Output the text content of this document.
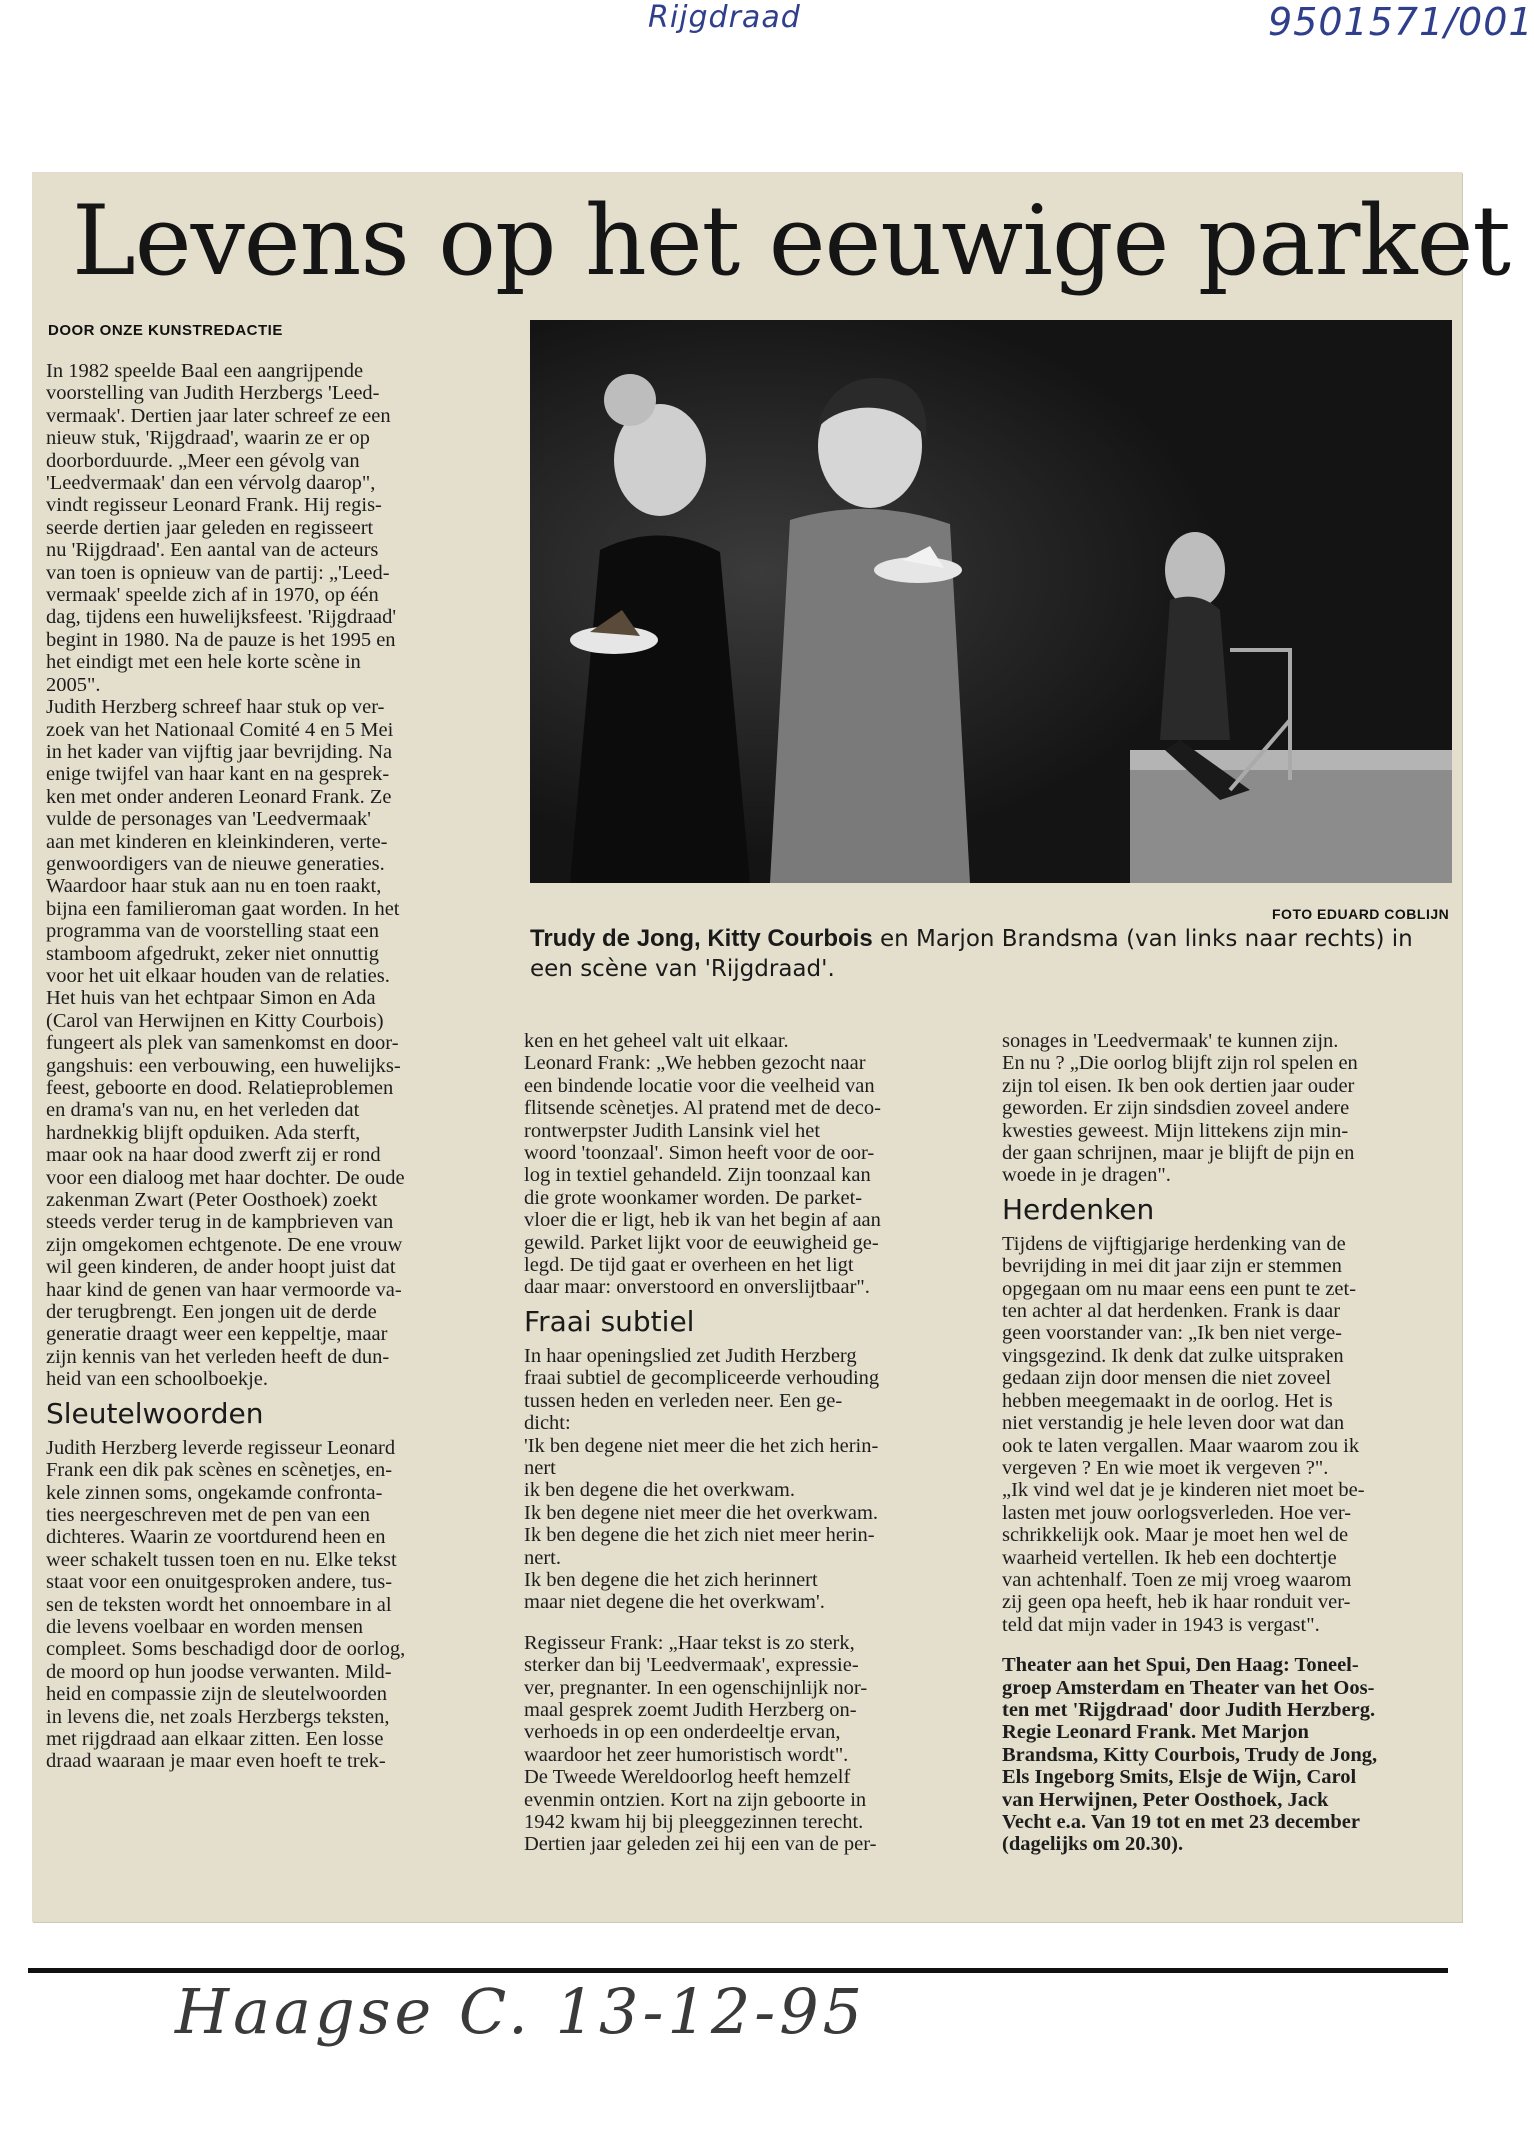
Rijgdraad	9501571/001
Levens op het eeuwige parket
DOOR ONZE KUNSTREDACTIE

In 1982 speelde Baal een aangrijpende

voorstelling van Judith Herzbergs 'Leed-

vermaak'. Dertien jaar later schreef ze een

nieuw stuk, 'Rijgdraad', waarin ze er op

doorborduurde. „Meer een gévolg van

'Leedvermaak' dan een vérvolg daarop",

vindt regisseur Leonard Frank. Hij regis-

seerde dertien jaar geleden en regisseert

nu 'Rijgdraad'. Een aantal van de acteurs

van toen is opnieuw van de partij: „'Leed-

vermaak' speelde zich af in 1970, op één

dag, tijdens een huwelijksfeest. 'Rijgdraad'

begint in 1980. Na de pauze is het 1995 en

het eindigt met een hele korte scène in

2005".

Judith Herzberg schreef haar stuk op ver-

zoek van het Nationaal Comité 4 en 5 Mei

in het kader van vijftig jaar bevrijding. Na

enige twijfel van haar kant en na gesprek-

ken met onder anderen Leonard Frank. Ze

vulde de personages van 'Leedvermaak'

aan met kinderen en kleinkinderen, verte-

genwoordigers van de nieuwe generaties.

Waardoor haar stuk aan nu en toen raakt,

bijna een familieroman gaat worden. In het

programma van de voorstelling staat een

stamboom afgedrukt, zeker niet onnuttig

voor het uit elkaar houden van de relaties.

Het huis van het echtpaar Simon en Ada

(Carol van Herwijnen en Kitty Courbois)

fungeert als plek van samenkomst en door-

gangshuis: een verbouwing, een huwelijks-

feest, geboorte en dood. Relatieproblemen

en drama's van nu, en het verleden dat

hardnekkig blijft opduiken. Ada sterft,

maar ook na haar dood zwerft zij er rond

voor een dialoog met haar dochter. De oude

zakenman Zwart (Peter Oosthoek) zoekt

steeds verder terug in de kampbrieven van

zijn omgekomen echtgenote. De ene vrouw

wil geen kinderen, de ander hoopt juist dat

haar kind de genen van haar vermoorde va-

der terugbrengt. Een jongen uit de derde

generatie draagt weer een keppeltje, maar

zijn kennis van het verleden heeft de dun-

heid van een schoolboekje.

Sleutelwoorden

Judith Herzberg leverde regisseur Leonard

Frank een dik pak scènes en scènetjes, en-

kele zinnen soms, ongekamde confronta-

ties neergeschreven met de pen van een

dichteres. Waarin ze voortdurend heen en

weer schakelt tussen toen en nu. Elke tekst

staat voor een onuitgesproken andere, tus-

sen de teksten wordt het onnoembare in al

die levens voelbaar en worden mensen

compleet. Soms beschadigd door de oorlog,

de moord op hun joodse verwanten. Mild-

heid en compassie zijn de sleutelwoorden

in levens die, net zoals Herzbergs teksten,

met rijgdraad aan elkaar zitten. Een losse

draad waaraan je maar even hoeft te trek-

FOTO EDUARD COBLIJN
Trudy de Jong, Kitty Courbois en Marjon Brandsma (van links naar rechts) in een scène van 'Rijgdraad'.

ken en het geheel valt uit elkaar.

Leonard Frank: „We hebben gezocht naar

een bindende locatie voor die veelheid van

flitsende scènetjes. Al pratend met de deco-

rontwerpster Judith Lansink viel het

woord 'toonzaal'. Simon heeft voor de oor-

log in textiel gehandeld. Zijn toonzaal kan

die grote woonkamer worden. De parket-

vloer die er ligt, heb ik van het begin af aan

gewild. Parket lijkt voor de eeuwigheid ge-

legd. De tijd gaat er overheen en het ligt

daar maar: onverstoord en onverslijtbaar".

Fraai subtiel

In haar openingslied zet Judith Herzberg

fraai subtiel de gecompliceerde verhouding

tussen heden en verleden neer. Een ge-

dicht:

'Ik ben degene niet meer die het zich herin-

nert

ik ben degene die het overkwam.

Ik ben degene niet meer die het overkwam.

Ik ben degene die het zich niet meer herin-

nert.

Ik ben degene die het zich herinnert

maar niet degene die het overkwam'.

Regisseur Frank: „Haar tekst is zo sterk,

sterker dan bij 'Leedvermaak', expressie-

ver, pregnanter. In een ogenschijnlijk nor-

maal gesprek zoemt Judith Herzberg on-

verhoeds in op een onderdeeltje ervan,

waardoor het zeer humoristisch wordt".

De Tweede Wereldoorlog heeft hemzelf

evenmin ontzien. Kort na zijn geboorte in

1942 kwam hij bij pleeggezinnen terecht.

Dertien jaar geleden zei hij een van de per-

sonages in 'Leedvermaak' te kunnen zijn.

En nu ? „Die oorlog blijft zijn rol spelen en

zijn tol eisen. Ik ben ook dertien jaar ouder

geworden. Er zijn sindsdien zoveel andere

kwesties geweest. Mijn littekens zijn min-

der gaan schrijnen, maar je blijft de pijn en

woede in je dragen".

Herdenken

Tijdens de vijftigjarige herdenking van de

bevrijding in mei dit jaar zijn er stemmen

opgegaan om nu maar eens een punt te zet-

ten achter al dat herdenken. Frank is daar

geen voorstander van: „Ik ben niet verge-

vingsgezind. Ik denk dat zulke uitspraken

gedaan zijn door mensen die niet zoveel

hebben meegemaakt in de oorlog. Het is

niet verstandig je hele leven door wat dan

ook te laten vergallen. Maar waarom zou ik

vergeven ? En wie moet ik vergeven ?".

„Ik vind wel dat je je kinderen niet moet be-

lasten met jouw oorlogsverleden. Hoe ver-

schrikkelijk ook. Maar je moet hen wel de

waarheid vertellen. Ik heb een dochtertje

van achtenhalf. Toen ze mij vroeg waarom

zij geen opa heeft, heb ik haar ronduit ver-

teld dat mijn vader in 1943 is vergast".

Theater aan het Spui, Den Haag: Toneel-

groep Amsterdam en Theater van het Oos-

ten met 'Rijgdraad' door Judith Herzberg.

Regie Leonard Frank. Met Marjon

Brandsma, Kitty Courbois, Trudy de Jong,

Els Ingeborg Smits, Elsje de Wijn, Carol

van Herwijnen, Peter Oosthoek, Jack

Vecht e.a. Van 19 tot en met 23 december

(dagelijks om 20.30).

Haagse C. 13-12-95
